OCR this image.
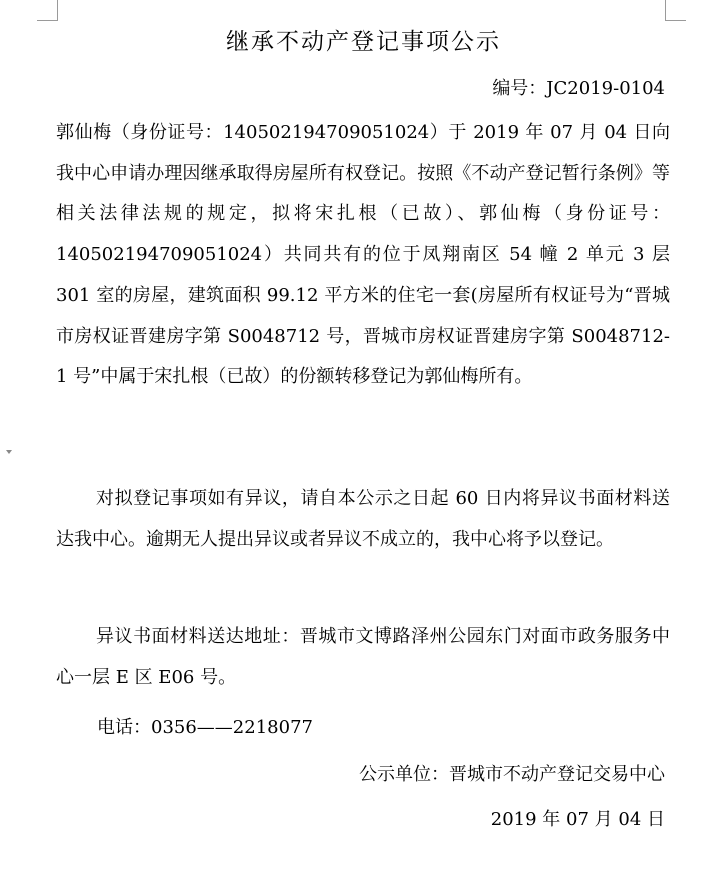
继承不动产登记事项公示
编号：JC2019-0104

郭仙梅（身份证号：140502194709051024）于 2019 年 07 月 04 日向我中心申请办理因继承取得房屋所有权登记。按照《不动产登记暂行条例》等相关法律法规的规定，拟将宋扎根（已故）、郭仙梅（身份证号：140502194709051024）共同共有的位于凤翔南区 54 幢 2 单元 3 层 301 室的房屋，建筑面积 99.12 平方米的住宅一套(房屋所有权证号为“晋城市房权证晋建房字第 S0048712 号，晋城市房权证晋建房字第 S0048712-1 号”中属于宋扎根（已故）的份额转移登记为郭仙梅所有。

对拟登记事项如有异议，请自本公示之日起 60 日内将异议书面材料送达我中心。逾期无人提出异议或者异议不成立的，我中心将予以登记。

异议书面材料送达地址：晋城市文博路泽州公园东门对面市政务服务中心一层 E 区 E06 号。

电话：0356——2218077
公示单位：晋城市不动产登记交易中心
2019 年 07 月 04 日
